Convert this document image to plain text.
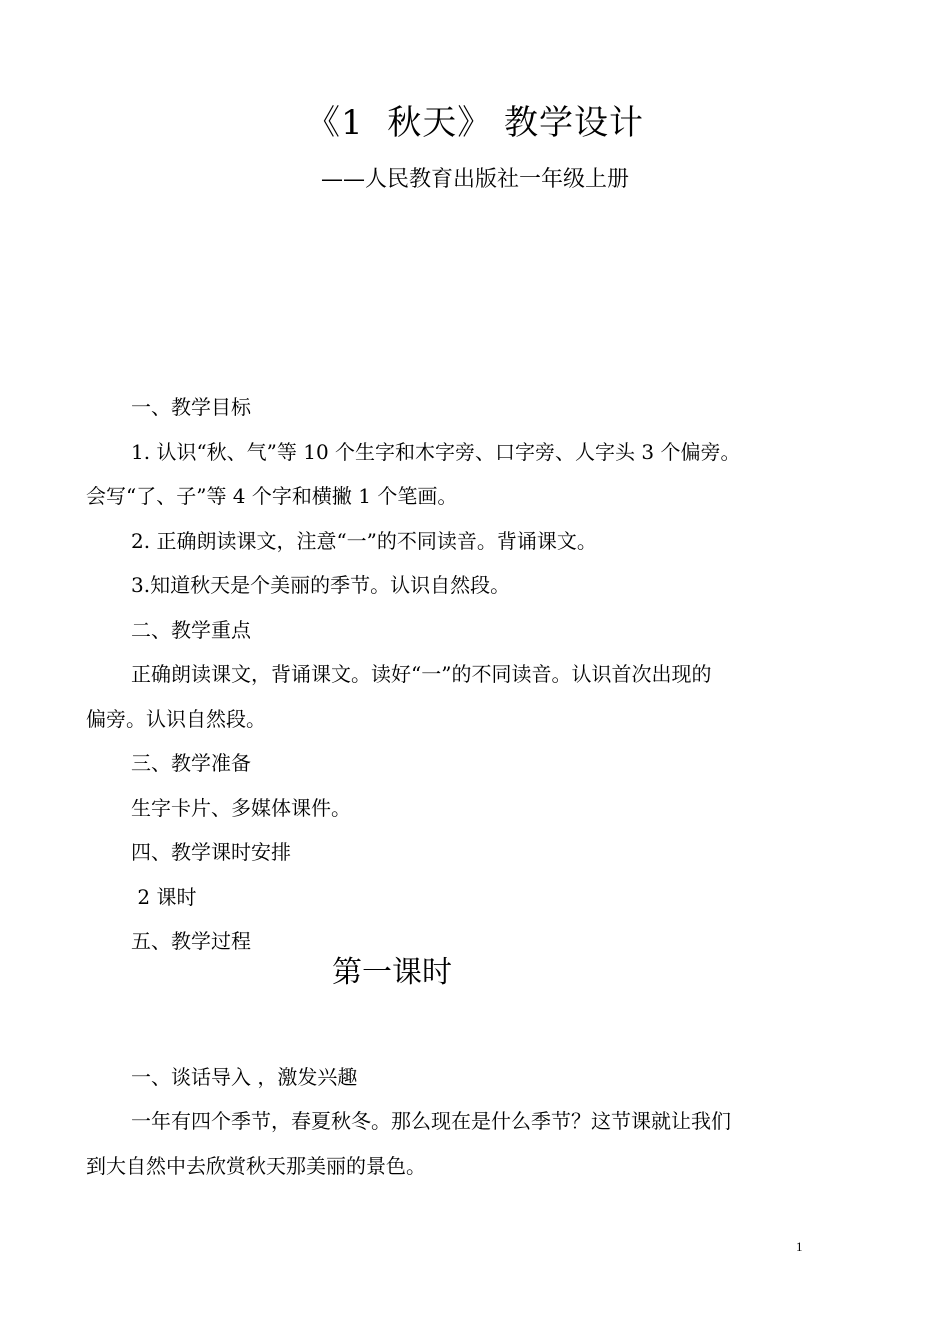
《1  秋天》 教学设计
——人民教育出版社一年级上册
一、教学目标
1. 认识“秋、气”等 10 个生字和木字旁、口字旁、人字头 3 个偏旁。
会写“了、子”等 4 个字和横撇 1 个笔画。
2. 正确朗读课文，注意“一”的不同读音。背诵课文。
3.知道秋天是个美丽的季节。认识自然段。
二、教学重点
正确朗读课文，背诵课文。读好“一”的不同读音。认识首次出现的
偏旁。认识自然段。
三、教学准备
生字卡片、多媒体课件。
四、教学课时安排
2 课时
五、教学过程
第一课时
一、谈话导入 ，激发兴趣
一年有四个季节，春夏秋冬。那么现在是什么季节？这节课就让我们
到大自然中去欣赏秋天那美丽的景色。
1
